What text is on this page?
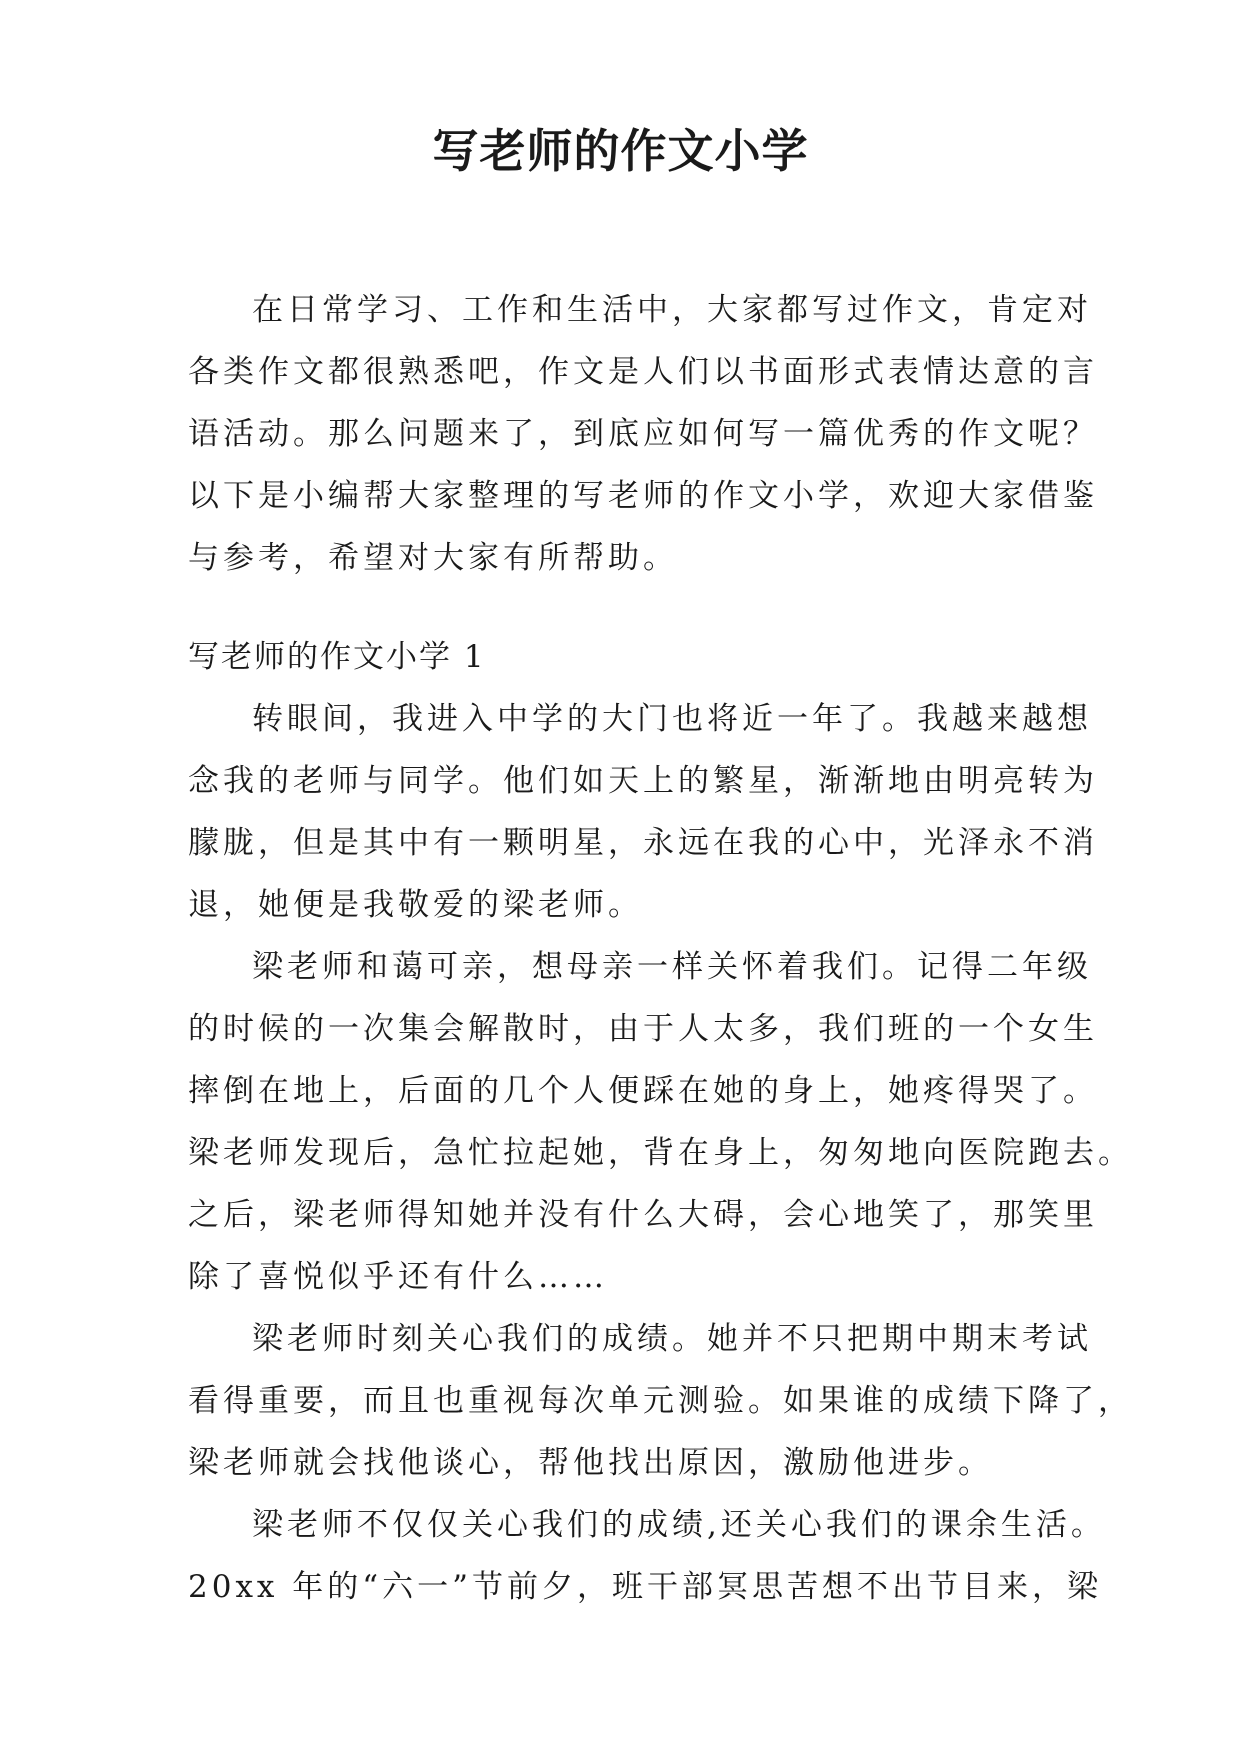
写老师的作文小学
在日常学习、工作和生活中，大家都写过作文，肯定对
各类作文都很熟悉吧，作文是人们以书面形式表情达意的言
语活动。那么问题来了，到底应如何写一篇优秀的作文呢？
以下是小编帮大家整理的写老师的作文小学，欢迎大家借鉴
与参考，希望对大家有所帮助。
写老师的作文小学 1
转眼间，我进入中学的大门也将近一年了。我越来越想
念我的老师与同学。他们如天上的繁星，渐渐地由明亮转为
朦胧，但是其中有一颗明星，永远在我的心中，光泽永不消
退，她便是我敬爱的梁老师。
梁老师和蔼可亲，想母亲一样关怀着我们。记得二年级
的时候的一次集会解散时，由于人太多，我们班的一个女生
摔倒在地上，后面的几个人便踩在她的身上，她疼得哭了。
梁老师发现后，急忙拉起她，背在身上，匆匆地向医院跑去。
之后，梁老师得知她并没有什么大碍，会心地笑了，那笑里
除了喜悦似乎还有什么……
梁老师时刻关心我们的成绩。她并不只把期中期末考试
看得重要，而且也重视每次单元测验。如果谁的成绩下降了，
梁老师就会找他谈心，帮他找出原因，激励他进步。
梁老师不仅仅关心我们的成绩,还关心我们的课余生活。
20xx 年的“六一”节前夕，班干部冥思苦想不出节目来，梁
